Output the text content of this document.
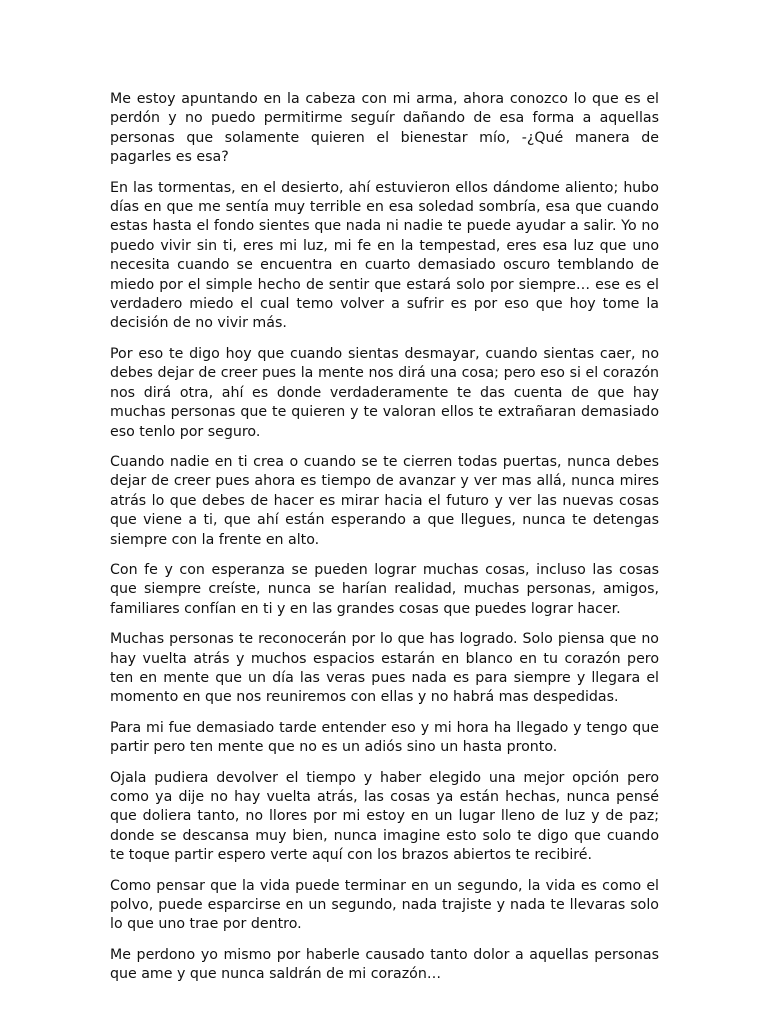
Me estoy apuntando en la cabeza con mi arma, ahora conozco lo que es el perdón y no puedo permitirme seguír dañando de esa forma a aquellas personas que solamente quieren el bienestar mío, -¿Qué manera de pagarles es esa?

En las tormentas, en el desierto, ahí estuvieron ellos dándome aliento; hubo días en que me sentía muy terrible en esa soledad sombría, esa que cuando estas hasta el fondo sientes que nada ni nadie te puede ayudar a salir. Yo no puedo vivir sin ti, eres mi luz, mi fe en la tempestad, eres esa luz que uno necesita cuando se encuentra en cuarto demasiado oscuro temblando de miedo por el simple hecho de sentir que estará solo por siempre… ese es el verdadero miedo el cual temo volver a sufrir es por eso que hoy tome la decisión de no vivir más.

Por eso te digo hoy que cuando sientas desmayar, cuando sientas caer, no debes dejar de creer pues la mente nos dirá una cosa; pero eso si el corazón nos dirá otra, ahí es donde verdaderamente te das cuenta de que hay muchas personas que te quieren y te valoran ellos te extrañaran demasiado eso tenlo por seguro.

Cuando nadie en ti crea o cuando se te cierren todas puertas, nunca debes dejar de creer pues ahora es tiempo de avanzar y ver mas allá, nunca mires atrás lo que debes de hacer es mirar hacia el futuro y ver las nuevas cosas que viene a ti, que ahí están esperando a que llegues, nunca te detengas siempre con la frente en alto.

Con fe y con esperanza se pueden lograr muchas cosas, incluso las cosas que siempre creíste, nunca se harían realidad, muchas personas, amigos, familiares confían en ti y en las grandes cosas que puedes lograr hacer.

Muchas personas te reconocerán por lo que has logrado. Solo piensa que no hay vuelta atrás y muchos espacios estarán en blanco en tu corazón pero ten en mente que un día las veras pues nada es para siempre y llegara el momento en que nos reuniremos con ellas y no habrá mas despedidas.

Para mi fue demasiado tarde entender eso y mi hora ha llegado y tengo que partir pero ten mente que no es un adiós sino un hasta pronto.

Ojala pudiera devolver el tiempo y haber elegido una mejor opción pero como ya dije no hay vuelta atrás, las cosas ya están hechas, nunca pensé que doliera tanto, no llores por mi estoy en un lugar lleno de luz y de paz; donde se descansa muy bien, nunca imagine esto solo te digo que cuando te toque partir espero verte aquí con los brazos abiertos te recibiré.

Como pensar que la vida puede terminar en un segundo, la vida es como el polvo, puede esparcirse en un segundo, nada trajiste y nada te llevaras solo lo que uno trae por dentro.

Me perdono yo mismo por haberle causado tanto dolor a aquellas personas que ame y que nunca saldrán de mi corazón…
